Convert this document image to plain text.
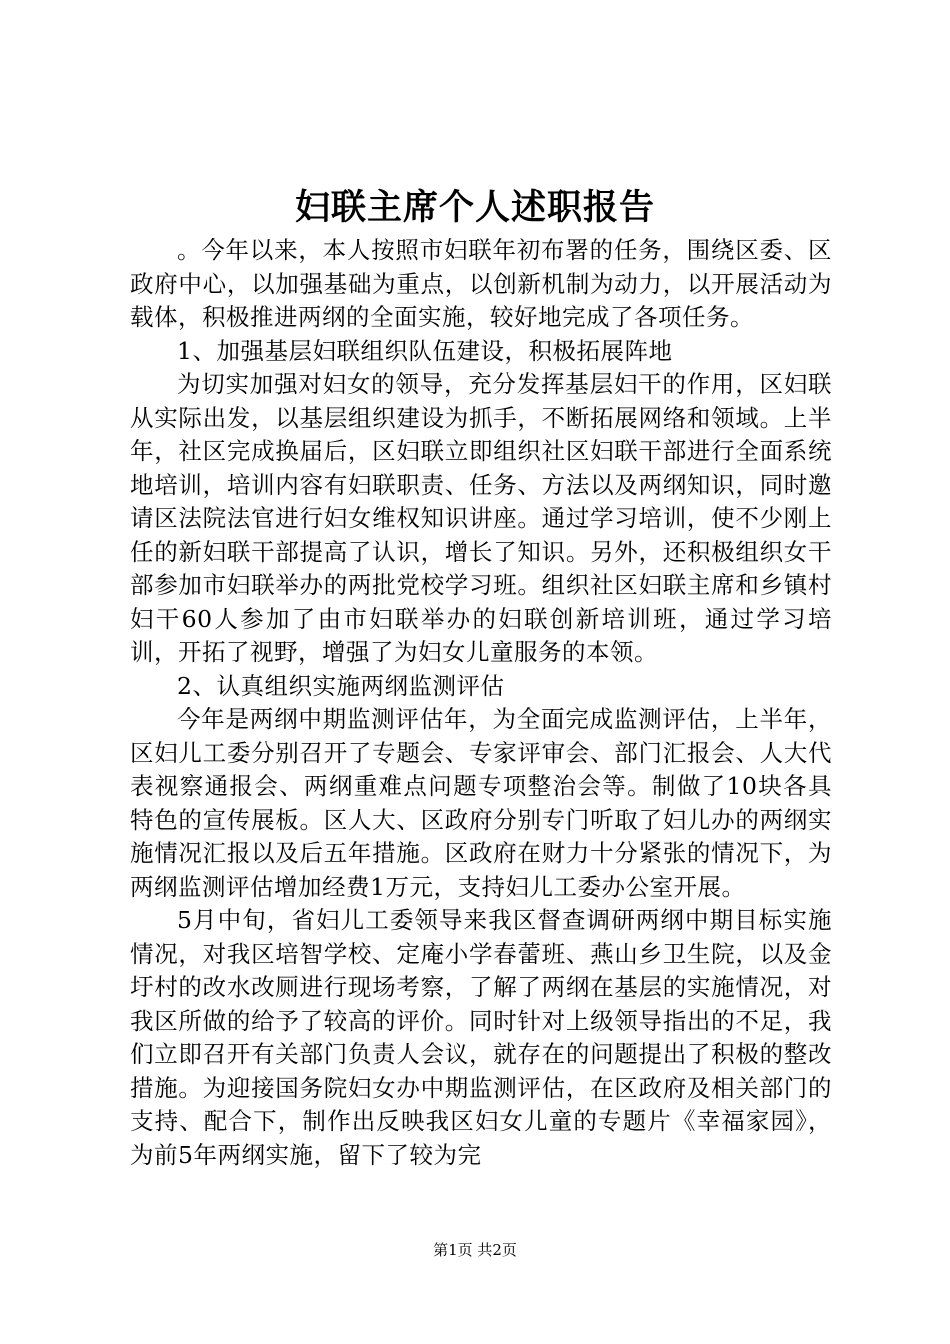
妇联主席个人述职报告

。今年以来，本人按照市妇联年初布署的任务，围绕区委、区政府中心，以加强基础为重点，以创新机制为动力，以开展活动为载体，积极推进两纲的全面实施，较好地完成了各项任务。

1、加强基层妇联组织队伍建设，积极拓展阵地

为切实加强对妇女的领导，充分发挥基层妇干的作用，区妇联从实际出发，以基层组织建设为抓手，不断拓展网络和领域。上半年，社区完成换届后，区妇联立即组织社区妇联干部进行全面系统地培训，培训内容有妇联职责、任务、方法以及两纲知识，同时邀请区法院法官进行妇女维权知识讲座。通过学习培训，使不少刚上任的新妇联干部提高了认识，增长了知识。另外，还积极组织女干部参加市妇联举办的两批党校学习班。组织社区妇联主席和乡镇村妇干60人参加了由市妇联举办的妇联创新培训班，通过学习培训，开拓了视野，增强了为妇女儿童服务的本领。

2、认真组织实施两纲监测评估

今年是两纲中期监测评估年，为全面完成监测评估，上半年，区妇儿工委分别召开了专题会、专家评审会、部门汇报会、人大代表视察通报会、两纲重难点问题专项整治会等。制做了10块各具特色的宣传展板。区人大、区政府分别专门听取了妇儿办的两纲实施情况汇报以及后五年措施。区政府在财力十分紧张的情况下，为两纲监测评估增加经费1万元，支持妇儿工委办公室开展。

5月中旬，省妇儿工委领导来我区督查调研两纲中期目标实施情况，对我区培智学校、定庵小学春蕾班、燕山乡卫生院，以及金圩村的改水改厕进行现场考察，了解了两纲在基层的实施情况，对我区所做的给予了较高的评价。同时针对上级领导指出的不足，我们立即召开有关部门负责人会议，就存在的问题提出了积极的整改措施。为迎接国务院妇女办中期监测评估，在区政府及相关部门的支持、配合下，制作出反映我区妇女儿童的专题片《幸福家园》，为前5年两纲实施，留下了较为完

第1页 共2页
